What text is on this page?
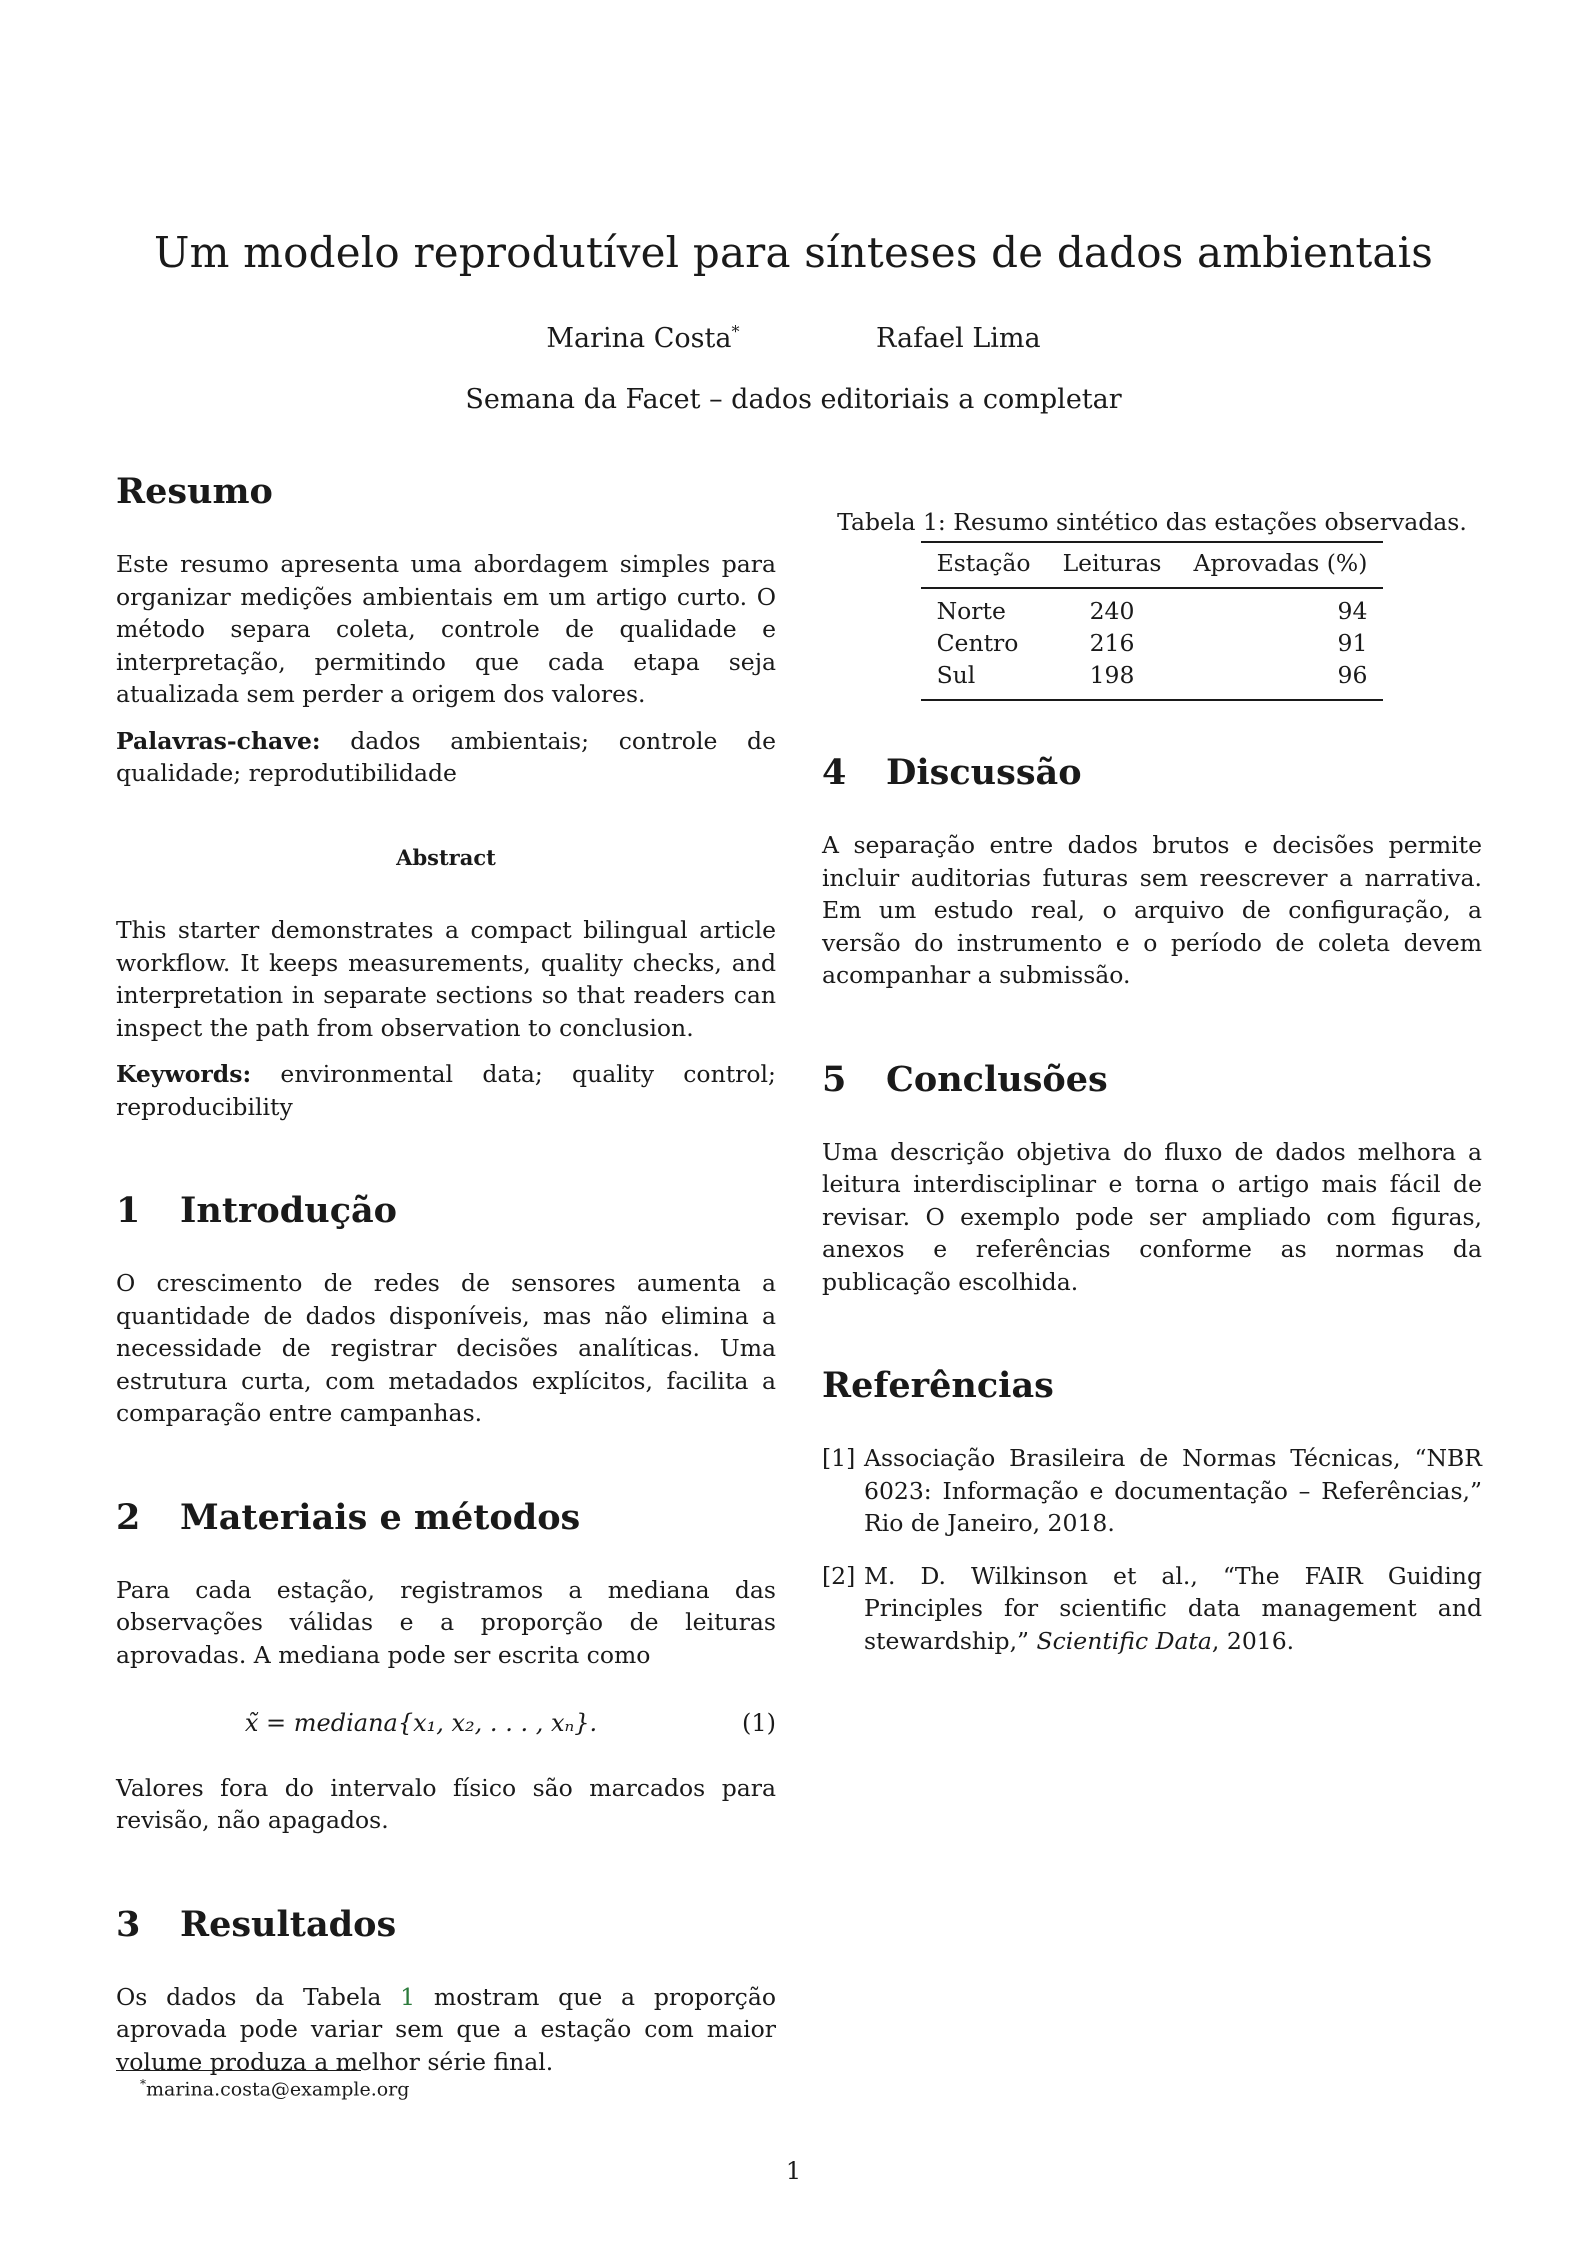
Um modelo reprodutível para sínteses de dados ambientais
Marina Costa*	Rafael Lima
Semana da Facet – dados editoriais a completar
Resumo

Este resumo apresenta uma abordagem simples para organizar medições ambientais em um artigo curto. O método separa coleta, controle de qualidade e interpretação, permitindo que cada etapa seja atualizada sem perder a origem dos valores.

Palavras-chave: dados ambientais; controle de qualidade; reprodutibilidade

Abstract

This starter demonstrates a compact bilingual article workflow. It keeps measurements, quality checks, and interpretation in separate sections so that readers can inspect the path from observation to conclusion.

Keywords: environmental data; quality control; reproducibility

1 Introdução

O crescimento de redes de sensores aumenta a quantidade de dados disponíveis, mas não elimina a necessidade de registrar decisões analíticas. Uma estrutura curta, com metadados explícitos, facilita a comparação entre campanhas.

2 Materiais e métodos

Para cada estação, registramos a mediana das observações válidas e a proporção de leituras aprovadas. A mediana pode ser escrita como

x̃ = mediana{x₁, x₂, . . . , xₙ}.	(1)

Valores fora do intervalo físico são marcados para revisão, não apagados.

3 Resultados

Os dados da Tabela 1 mostram que a proporção aprovada pode variar sem que a estação com maior volume produza a melhor série final.

Tabela 1: Resumo sintético das estações observadas.
Estação	Leituras	Aprovadas (%)
Norte	240	94
Centro	216	91
Sul	198	96
4 Discussão

A separação entre dados brutos e decisões permite incluir auditorias futuras sem reescrever a narrativa. Em um estudo real, o arquivo de configuração, a versão do instrumento e o período de coleta devem acompanhar a submissão.

5 Conclusões

Uma descrição objetiva do fluxo de dados melhora a leitura interdisciplinar e torna o artigo mais fácil de revisar. O exemplo pode ser ampliado com figuras, anexos e referências conforme as normas da publicação escolhida.

Referências
[1] Associação Brasileira de Normas Técnicas, “NBR 6023: Informação e documentação – Referências,” Rio de Janeiro, 2018.
[2] M. D. Wilkinson et al., “The FAIR Guiding Principles for scientific data management and stewardship,” Scientific Data, 2016.
*marina.costa@example.org
1
